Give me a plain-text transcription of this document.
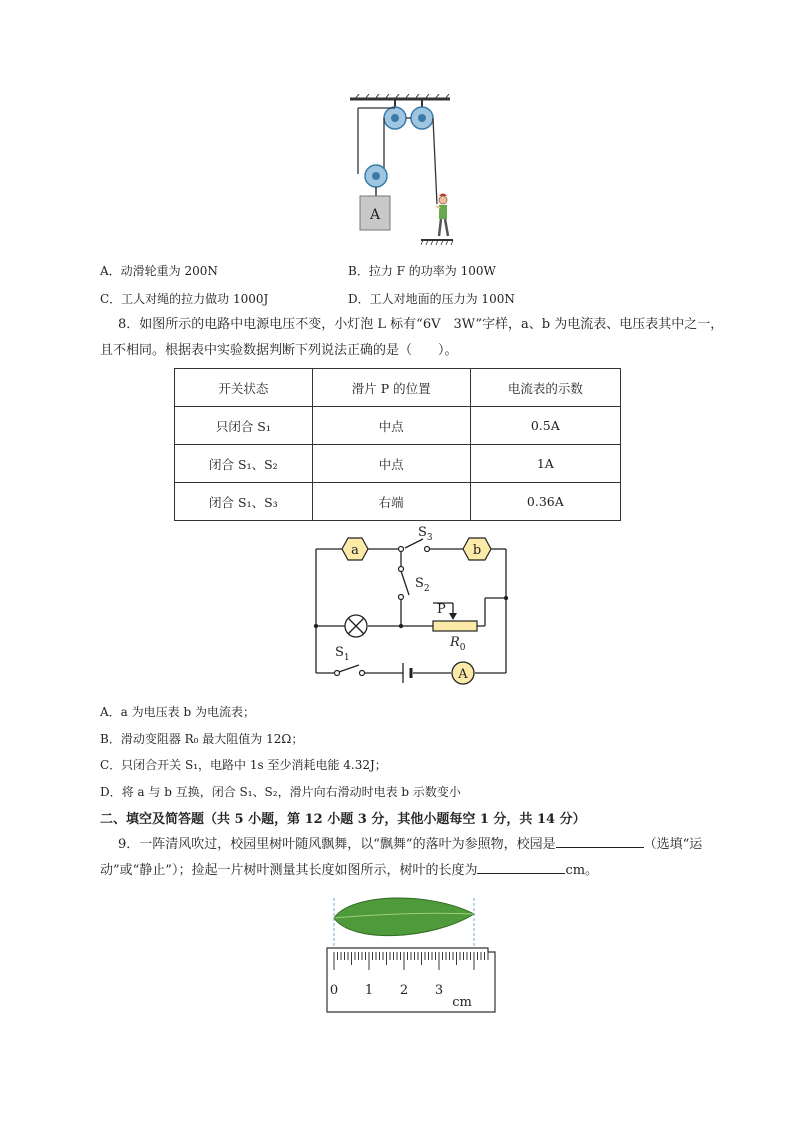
A
A．动滑轮重为 200N	B．拉力 F 的功率为 100W
C．工人对绳的拉力做功 1000J	D．工人对地面的压力为 100N
8．如图所示的电路中电源电压不变，小灯泡 L 标有“6V　3W”字样，a、b 为电流表、电压表其中之一，
且不相同。根据表中实验数据判断下列说法正确的是（　　）。
开关状态	滑片 P 的位置	电流表的示数
只闭合 S₁	中点	0.5A
闭合 S₁、S₂	中点	1A
闭合 S₁、S₃	右端	0.36A
a	b
A
$S_3$
$S_2$
$S_1$
P
$R_0$
A．a 为电压表 b 为电流表；
B．滑动变阻器 R₀ 最大阻值为 12Ω；
C．只闭合开关 S₁，电路中 1s 至少消耗电能 4.32J；
D．将 a 与 b 互换，闭合 S₁、S₂，滑片向右滑动时电表 b 示数变小
二、填空及简答题（共 5 小题，第 12 小题 3 分，其他小题每空 1 分，共 14 分）
9．一阵清风吹过，校园里树叶随风飘舞，以“飘舞”的落叶为参照物，校园是	（选填“运
动”或“静止”）；捡起一片树叶测量其长度如图所示，树叶的长度为	cm。
0 1 2 3
cm
